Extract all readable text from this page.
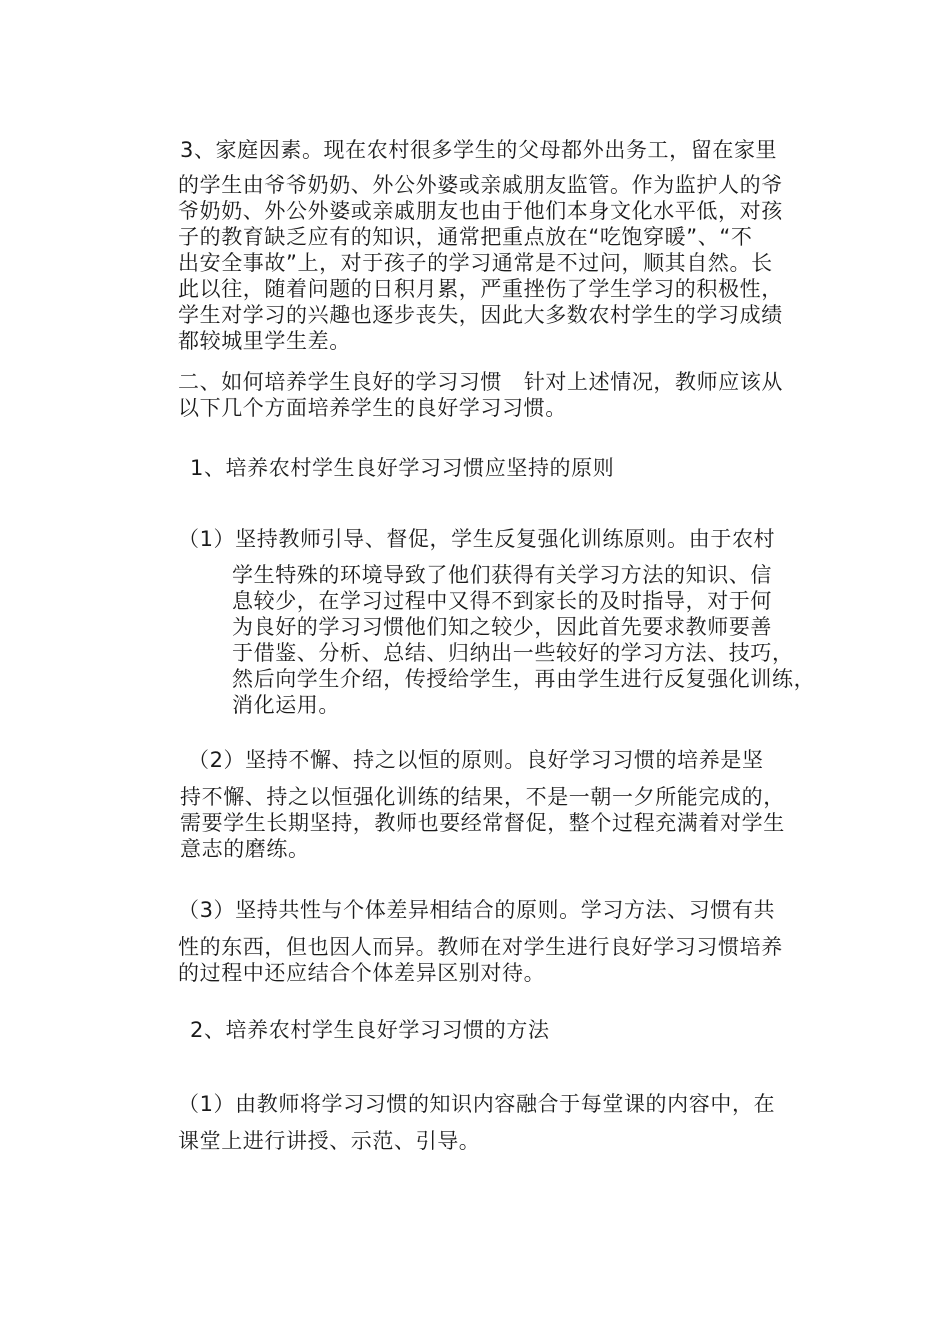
3、家庭因素。现在农村很多学生的父母都外出务工，留在家里
的学生由爷爷奶奶、外公外婆或亲戚朋友监管。作为监护人的爷
爷奶奶、外公外婆或亲戚朋友也由于他们本身文化水平低，对孩
子的教育缺乏应有的知识，通常把重点放在“吃饱穿暖”、“不
出安全事故”上，对于孩子的学习通常是不过问，顺其自然。长
此以往，随着问题的日积月累，严重挫伤了学生学习的积极性，
学生对学习的兴趣也逐步丧失，因此大多数农村学生的学习成绩
都较城里学生差。
二、如何培养学生良好的学习习惯   针对上述情况，教师应该从
以下几个方面培养学生的良好学习习惯。
1、培养农村学生良好学习习惯应坚持的原则
（1）坚持教师引导、督促，学生反复强化训练原则。由于农村
学生特殊的环境导致了他们获得有关学习方法的知识、信
息较少，在学习过程中又得不到家长的及时指导，对于何
为良好的学习习惯他们知之较少，因此首先要求教师要善
于借鉴、分析、总结、归纳出一些较好的学习方法、技巧，
然后向学生介绍，传授给学生，再由学生进行反复强化训练，
消化运用。
（2）坚持不懈、持之以恒的原则。良好学习习惯的培养是坚
持不懈、持之以恒强化训练的结果，不是一朝一夕所能完成的，
需要学生长期坚持，教师也要经常督促，整个过程充满着对学生
意志的磨练。
（3）坚持共性与个体差异相结合的原则。学习方法、习惯有共
性的东西，但也因人而异。教师在对学生进行良好学习习惯培养
的过程中还应结合个体差异区别对待。
2、培养农村学生良好学习习惯的方法
（1）由教师将学习习惯的知识内容融合于每堂课的内容中，在
课堂上进行讲授、示范、引导。
